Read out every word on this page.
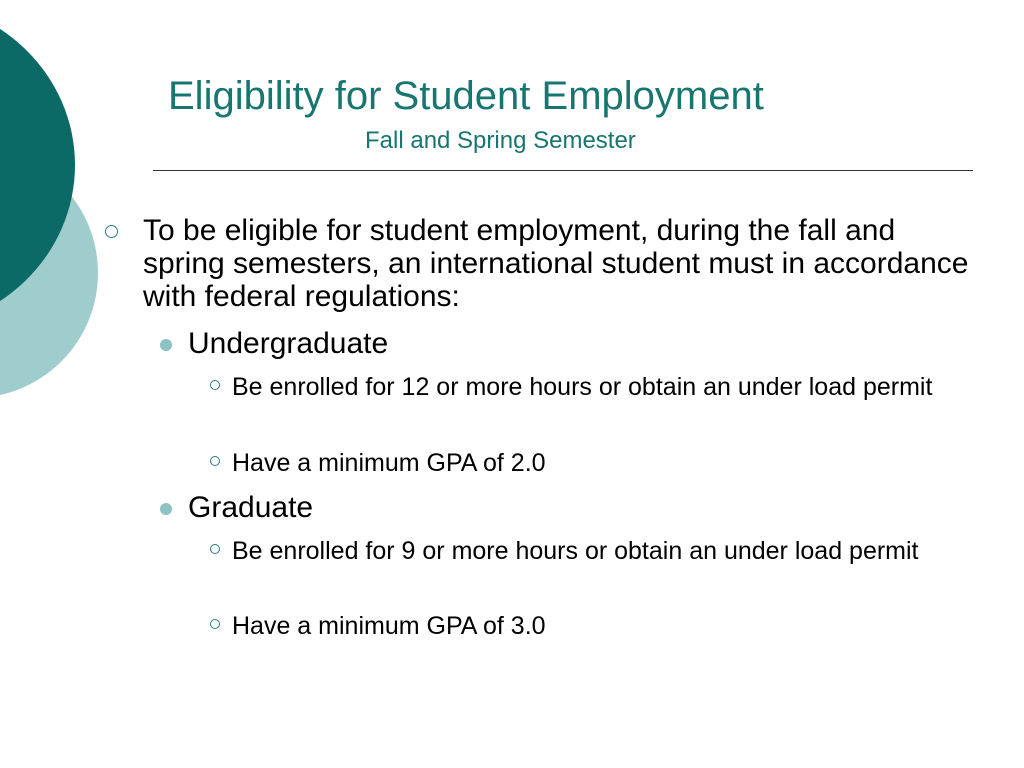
Eligibility for Student Employment
Fall and Spring Semester
To be eligible for student employment, during the fall and spring semesters, an international student must in accordance with federal regulations:
Undergraduate
Be enrolled for 12 or more hours or obtain an under load permit
Have a minimum GPA of 2.0
Graduate
Be enrolled for 9 or more hours or obtain an under load permit
Have a minimum GPA of 3.0
